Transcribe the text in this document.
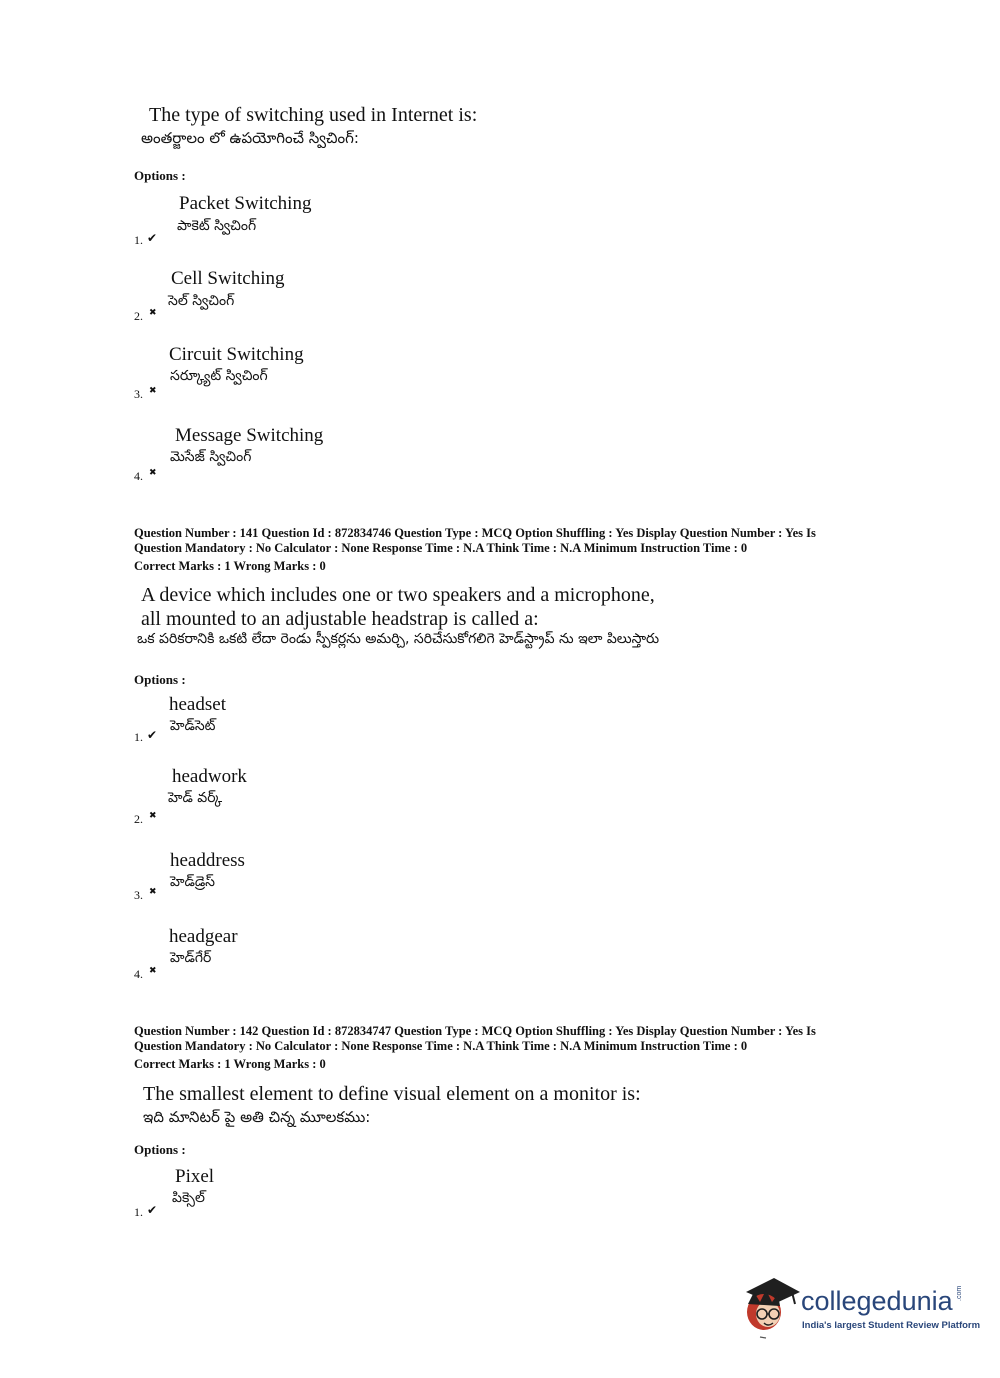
The type of switching used in Internet is:
అంతర్జాలం లో ఉపయోగించే స్విచింగ్:
Options :
Packet Switching
పాకెట్ స్విచింగ్
1. ✔
Cell Switching
సెల్ స్విచింగ్
2. ✖
Circuit Switching
సర్క్యూట్ స్విచింగ్
3. ✖
Message Switching
మెసేజ్ స్విచింగ్
4. ✖
Question Number : 141 Question Id : 872834746 Question Type : MCQ Option Shuffling : Yes Display Question Number : Yes Is
Question Mandatory : No Calculator : None Response Time : N.A Think Time : N.A Minimum Instruction Time : 0
Correct Marks : 1 Wrong Marks : 0
A device which includes one or two speakers and a microphone,
all mounted to an adjustable headstrap is called a:
ఒక పరికరానికి ఒకటి లేదా రెండు స్పీకర్లను అమర్చి, సరిచేసుకోగలిగె హెడ్‌స్ట్రాప్ ను ఇలా పిలుస్తారు
Options :
headset
హెడ్‌సెట్
1. ✔
headwork
హెడ్ వర్క్
2. ✖
headdress
హెడ్‌డ్రెస్
3. ✖
headgear
హెడ్‌గేర్
4. ✖
Question Number : 142 Question Id : 872834747 Question Type : MCQ Option Shuffling : Yes Display Question Number : Yes Is
Question Mandatory : No Calculator : None Response Time : N.A Think Time : N.A Minimum Instruction Time : 0
Correct Marks : 1 Wrong Marks : 0
The smallest element to define visual element on a monitor is:
ఇది మానిటర్ పై అతి చిన్న మూలకము:
Options :
Pixel
పిక్సెల్
1. ✔
collegedunia .com
India's largest Student Review Platform
